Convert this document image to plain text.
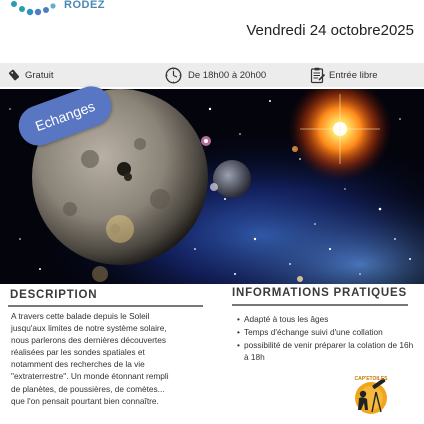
RODEZ
Vendredi 24 octobre2025
Gratuit	De 18h00 à 20h00	Entrée libre
Echanges
DESCRIPTION
A travers cette balade depuis le Soleil
jusqu'aux limites de notre système solaire,
nous parlerons des dernières découvertes
réalisées par les sondes spatiales et
notamment des recherches de la vie
"extraterrestre". Un monde étonnant rempli
de planètes, de poussières, de comètes...
que l'on pensait pourtant bien connaître.
INFORMATIONS PRATIQUES
• Adapté à tous les âges
• Temps d'échange suivi d'une collation
• possibilité de venir préparer la colation de 16h à 18h
CAP'ETOILES
